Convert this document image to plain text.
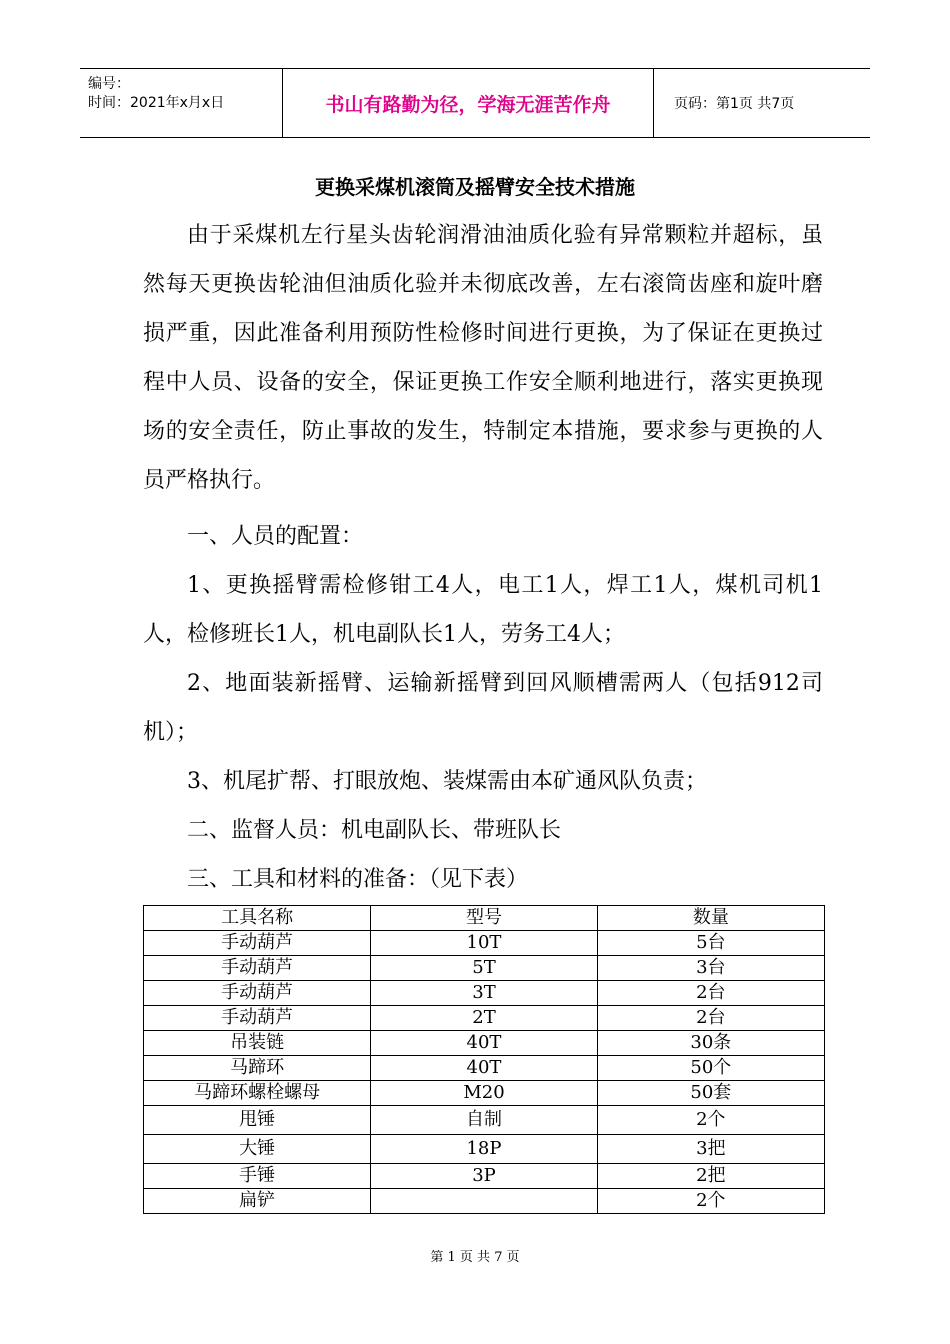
编号：
时间：2021年x月x日	书山有路勤为径，学海无涯苦作舟	页码：第1页 共7页
更换采煤机滚筒及摇臂安全技术措施

由于采煤机左行星头齿轮润滑油油质化验有异常颗粒并超标，虽然每天更换齿轮油但油质化验并未彻底改善，左右滚筒齿座和旋叶磨损严重，因此准备利用预防性检修时间进行更换，为了保证在更换过程中人员、设备的安全，保证更换工作安全顺利地进行，落实更换现场的安全责任，防止事故的发生，特制定本措施，要求参与更换的人员严格执行。

一、人员的配置：

1、更换摇臂需检修钳工4人，电工1人，焊工1人，煤机司机1人，检修班长1人，机电副队长1人，劳务工4人；

2、地面装新摇臂、运输新摇臂到回风顺槽需两人（包括912司机）；

3、机尾扩帮、打眼放炮、装煤需由本矿通风队负责；

二、监督人员：机电副队长、带班队长

三、工具和材料的准备：（见下表）

工具名称	型号	数量
手动葫芦	10T	5台
手动葫芦	5T	3台
手动葫芦	3T	2台
手动葫芦	2T	2台
吊装链	40T	30条
马蹄环	40T	50个
马蹄环螺栓螺母	M20	50套
甩锤	自制	2个
大锤	18P	3把
手锤	3P	2把
扁铲		2个
第 1 页 共 7 页
